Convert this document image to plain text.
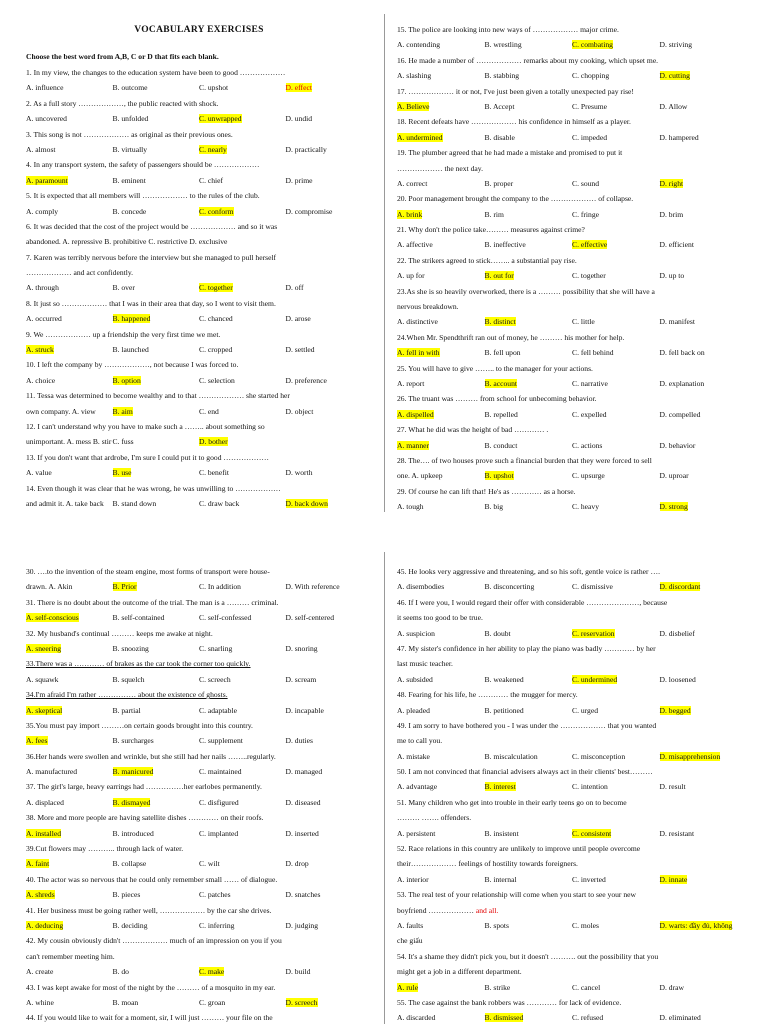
VOCABULARY EXERCISES
Choose the best word from A,B, C or D that fits each blank.
1. In my view, the changes to the education system have been to good ………………
A. influence	B. outcome	C. upshot	D. effect
2. As a full story ………………, the public reacted with shock.
A. uncovered	B. unfolded	C. unwrapped	D. undid
3. This song is not ……………… as original as their previous ones.
A. almost	B. virtually	C. nearly	D. practically
4. In any transport system, the safety of passengers should be ………………
A. paramount	B. eminent	C. chief	D. prime
5. It is expected that all members will ……………… to the rules of the club.
A. comply	B. concede	C. conform	D. compromise
6. It was decided that the cost of the project would be ……………… and so it was
abandoned. A. repressive B. prohibitive C. restrictive D. exclusive
7. Karen was terribly nervous before the interview but she managed to pull herself
……………… and act confidently.
A. through	B. over	C. together	D. off
8. It just so ……………… that I was in their area that day, so I went to visit them.
A. occurred	B. happened	C. chanced	D. arose
9. We ……………… up a friendship the very first time we met.
A. struck	B. launched	C. cropped	D. settled
10. I left the company by ………………, not because I was forced to.
A. choice	B. option	C. selection	D. preference
11. Tessa was determined to become wealthy and to that ……………… she started her
own company. A. view	B. aim	C. end	D. object
12. I can't understand why you have to make such a …….. about something so
unimportant. A. mess B. stir C. fuss	D. bother
13. If you don't want that ardrobe, I'm sure I could put it to good ………………
A. value	B. use	C. benefit	D. worth
14. Even though it was clear that he was wrong, he was unwilling to ………………
and admit it. A. take back	B. stand down	C. draw back	D. back down
15. The police are looking into new ways of ……………… major crime.
A. contending	B. wrestling	C. combating	D. striving
16. He made a number of ……………… remarks about my cooking, which upset me.
A. slashing	B. stabbing	C. chopping	D. cutting
17. ……………… it or not, I've just been given a totally unexpected pay rise!
A. Believe	B. Accept	C. Presume	D. Allow
18. Recent defeats have ……………… his confidence in himself as a player.
A. undermined	B. disable	C. impeded	D. hampered
19. The plumber agreed that he had made a mistake and promised to put it
……………… the next day.
A. correct	B. proper	C. sound	D. right
20. Poor management brought the company to the ……………… of collapse.
A. brink	B. rim	C. fringe	D. brim
21. Why don't the police take……… measures against crime?
A. affective	B. ineffective	C. effective	D. efficient
22. The strikers agreed to stick…….. a substantial pay rise.
A. up for	B. out for	C. together	D. up to
23.As she is so heavily overworked, there is a ……… possibility that she will have a
nervous breakdown.
A. distinctive	B. distinct	C. little	D. manifest
24.When Mr. Spendthrift ran out of money, he ……… his mother for help.
A. fell in with	B. fell upon	C. fell behind	D. fell back on
25. You will have to give …….. to the manager for your actions.
A. report	B. account	C. narrative	D. explanation
26. The truant was ……… from school for unbecoming behavior.
A. dispelled	B. repelled	C. expelled	D. compelled
27. What he did was the height of bad ………… .
A. manner	B. conduct	C. actions	D. behavior
28. The…. of two houses prove such a financial burden that they were forced to sell
one. A. upkeep	B. upshot	C. upsurge	D. uproar
29. Of course he can lift that! He's as ………… as a horse.
A. tough	B. big	C. heavy	D. strong
30. ….to the invention of the steam engine, most forms of transport were house-
drawn. A. Akin	B. Prior	C. In addition	D. With reference
31. There is no doubt about the outcome of the trial. The man is a ……… criminal.
A. self-conscious	B. self-contained	C. self-confessed	D. self-centered
32. My husband's continual ……… keeps me awake at night.
A. sneering	B. snoozing	C. snarling	D. snoring
33.There was a ………… of brakes as the car took the corner too quickly.
A. squawk	B. squelch	C. screech	D. scream
34.I'm afraid I'm rather …………… about the existence of ghosts.
A. skeptical	B. partial	C. adaptable	D. incapable
35.You must pay import ………on certain goods brought into this country.
A. fees	B. surcharges	C. supplement	D. duties
36.Her hands were swollen and wrinkle, but she still had her nails ……..regularly.
A. manufactured	B. manicured	C. maintained	D. managed
37. The girl's large, heavy earrings had ……………her earlobes permanently.
A. displaced	B. dismayed	C. disfigured	D. diseased
38. More and more people are having satellite dishes ………… on their roofs.
A. installed	B. introduced	C. implanted	D. inserted
39.Cut flowers may ……….. through lack of water.
A. faint	B. collapse	C. wilt	D. drop
40. The actor was so nervous that he could only remember small …… of dialogue.
A. shreds	B. pieces	C. patches	D. snatches
41. Her business must be going rather well, ……………… by the car she drives.
A. deducing	B. deciding	C. inferring	D. judging
42. My cousin obviously didn't ……………… much of an impression on you if you
can't remember meeting him.
A. create	B. do	C. make	D. build
43. I was kept awake for most of the night by the ……… of a mosquito in my ear.
A. whine	B. moan	C. groan	D. screech
44. If you would like to wait for a moment, sir, I will just ……… your file on the
45. He looks very aggressive and threatening, and so his soft, gentle voice is rather ….
A. disembodies	B. disconcerting	C. dismissive	D. discordant
46. If I were you, I would regard their offer with considerable …………………, because
it seems too good to be true.
A. suspicion	B. doubt	C. reservation	D. disbelief
47. My sister's confidence in her ability to play the piano was badly ………… by her
last music teacher.
A. subsided	B. weakened	C. undermined	D. loosened
48. Fearing for his life, he ………… the mugger for mercy.
A. pleaded	B. petitioned	C. urged	D. begged
49. I am sorry to have bothered you - I was under the ……………… that you wanted
me to call you.
A. mistake	B. miscalculation	C. misconception	D. misapprehension
50. I am not convinced that financial advisers always act in their clients' best………
A. advantage	B. interest	C. intention	D. result
51. Many children who get into trouble in their early teens go on to become
……… ……. offenders.
A. persistent	B. insistent	C. consistent	D. resistant
52. Race relations in this country are unlikely to improve until people overcome
their……………… feelings of hostility towards foreigners.
A. interior	B. internal	C. inverted	D. innate
53. The real test of your relationship will come when you start to see your new
boyfriend ……………… and all.
A. faults	B. spots	C. moles	D. warts: đầy đủ, không
che giấu
54. It's a shame they didn't pick you, but it doesn't ………. out the possibility that you
might get a job in a different department.
A. rule	B. strike	C. cancel	D. draw
55. The case against the bank robbers was ………… for lack of evidence.
A. discarded	B. dismissed	C. refused	D. eliminated
